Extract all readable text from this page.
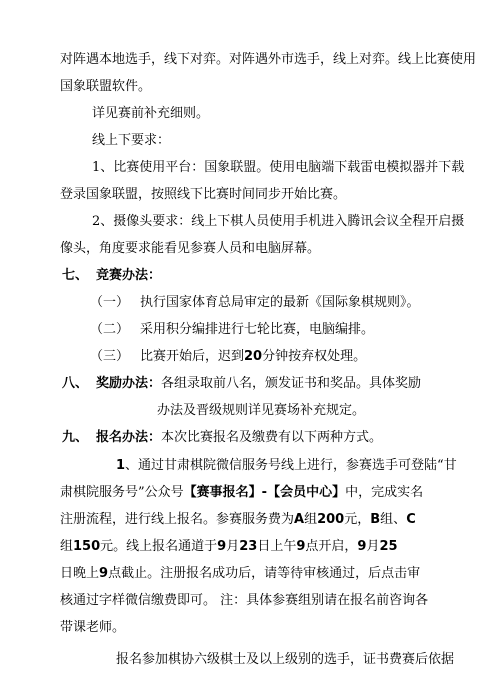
对阵遇本地选手，线下对弈。对阵遇外市选手，线上对弈。线上比赛使用
国象联盟软件。
详见赛前补充细则。
线上下要求：
1、比赛使用平台：国象联盟。使用电脑端下载雷电模拟器并下载
登录国象联盟，按照线下比赛时间同步开始比赛。
2、摄像头要求：线上下棋人员使用手机进入腾讯会议全程开启摄
像头，角度要求能看见参赛人员和电脑屏幕。
七、 竞赛办法：
（一） 执行国家体育总局审定的最新《国际象棋规则》。
（二） 采用积分编排进行七轮比赛，电脑编排。
（三） 比赛开始后，迟到20分钟按弃权处理。
八、 奖励办法：各组录取前八名，颁发证书和奖品。具体奖励
办法及晋级规则详见赛场补充规定。
九、 报名办法：本次比赛报名及缴费有以下两种方式。
1、通过甘肃棋院微信服务号线上进行，参赛选手可登陆“甘
肃棋院服务号”公众号【赛事报名】-【会员中心】中，完成实名
注册流程，进行线上报名。参赛服务费为A组200元，B组、C
组150元。线上报名通道于9月23日上午9点开启，9月25
日晚上9点截止。注册报名成功后，请等待审核通过，后点击审
核通过字样微信缴费即可。 注：具体参赛组别请在报名前咨询各
带课老师。
报名参加棋协六级棋士及以上级别的选手，证书费赛后依据
